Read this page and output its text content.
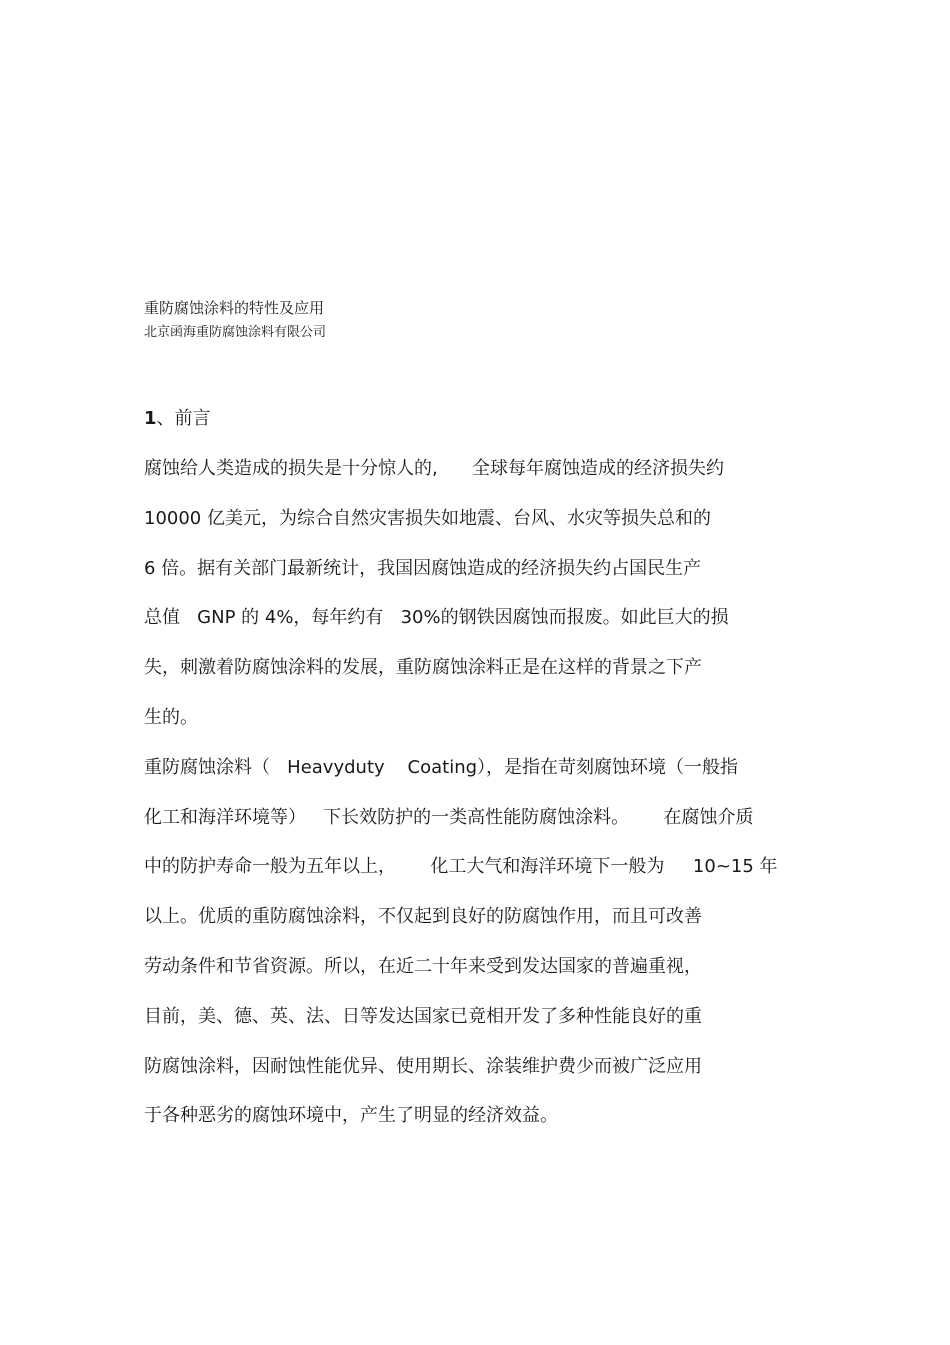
重防腐蚀涂料的特性及应用
北京函海重防腐蚀涂料有限公司
1、前言
腐蚀给人类造成的损失是十分惊人的,      全球每年腐蚀造成的经济损失约
10000 亿美元，为综合自然灾害损失如地震、台风、水灾等损失总和的
6 倍。据有关部门最新统计，我国因腐蚀造成的经济损失约占国民生产
总值   GNP 的 4%，每年约有   30%的钢铁因腐蚀而报废。如此巨大的损
失，刺激着防腐蚀涂料的发展，重防腐蚀涂料正是在这样的背景之下产
生的。
重防腐蚀涂料（   Heavyduty    Coating），是指在苛刻腐蚀环境（一般指
化工和海洋环境等）   下长效防护的一类高性能防腐蚀涂料。      在腐蚀介质
中的防护寿命一般为五年以上，      化工大气和海洋环境下一般为     10~15 年
以上。优质的重防腐蚀涂料，不仅起到良好的防腐蚀作用，而且可改善
劳动条件和节省资源。所以，在近二十年来受到发达国家的普遍重视，
目前，美、德、英、法、日等发达国家已竟相开发了多种性能良好的重
防腐蚀涂料，因耐蚀性能优异、使用期长、涂装维护费少而被广泛应用
于各种恶劣的腐蚀环境中，产生了明显的经济效益。
